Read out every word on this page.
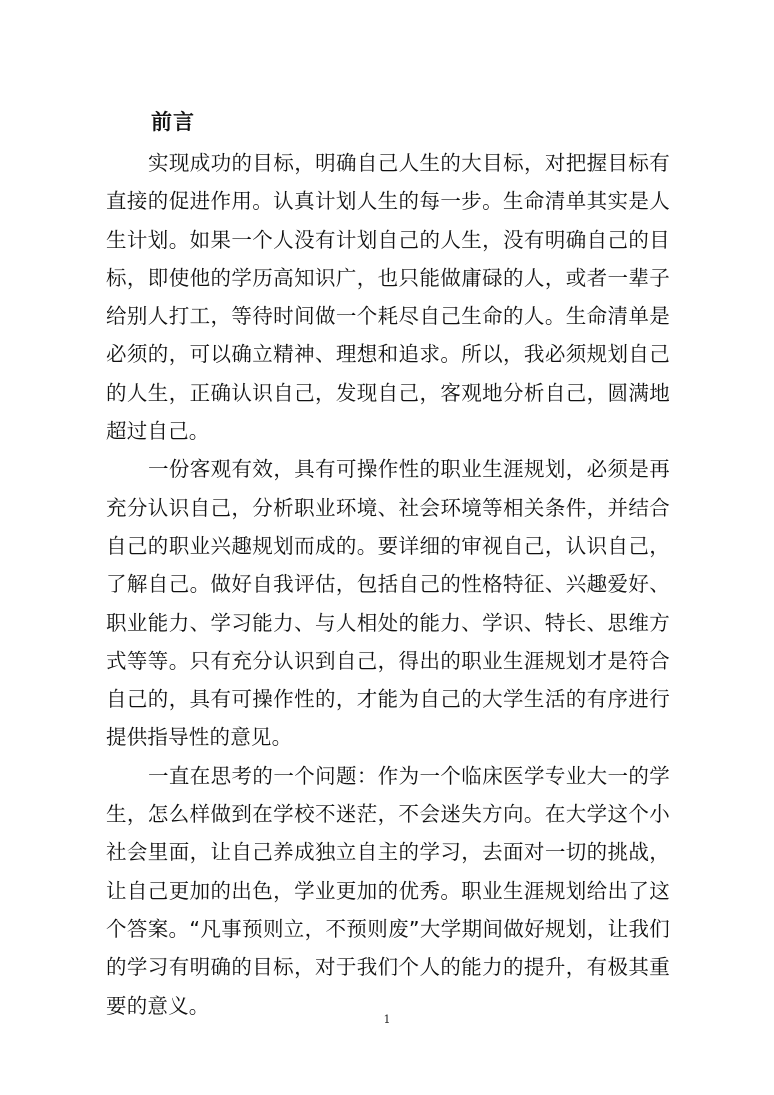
前言

实现成功的目标，明确自己人生的大目标，对把握目标有直接的促进作用。认真计划人生的每一步。生命清单其实是人生计划。如果一个人没有计划自己的人生，没有明确自己的目标，即使他的学历高知识广，也只能做庸碌的人，或者一辈子给别人打工，等待时间做一个耗尽自己生命的人。生命清单是必须的，可以确立精神、理想和追求。所以，我必须规划自己的人生，正确认识自己，发现自己，客观地分析自己，圆满地超过自己。

一份客观有效，具有可操作性的职业生涯规划，必须是再充分认识自己，分析职业环境、社会环境等相关条件，并结合自己的职业兴趣规划而成的。要详细的审视自己，认识自己，了解自己。做好自我评估，包括自己的性格特征、兴趣爱好、职业能力、学习能力、与人相处的能力、学识、特长、思维方式等等。只有充分认识到自己，得出的职业生涯规划才是符合自己的，具有可操作性的，才能为自己的大学生活的有序进行提供指导性的意见。

一直在思考的一个问题：作为一个临床医学专业大一的学生，怎么样做到在学校不迷茫，不会迷失方向。在大学这个小社会里面，让自己养成独立自主的学习，去面对一切的挑战，让自己更加的出色，学业更加的优秀。职业生涯规划给出了这个答案。“凡事预则立，不预则废”大学期间做好规划，让我们的学习有明确的目标，对于我们个人的能力的提升，有极其重要的意义。

1
